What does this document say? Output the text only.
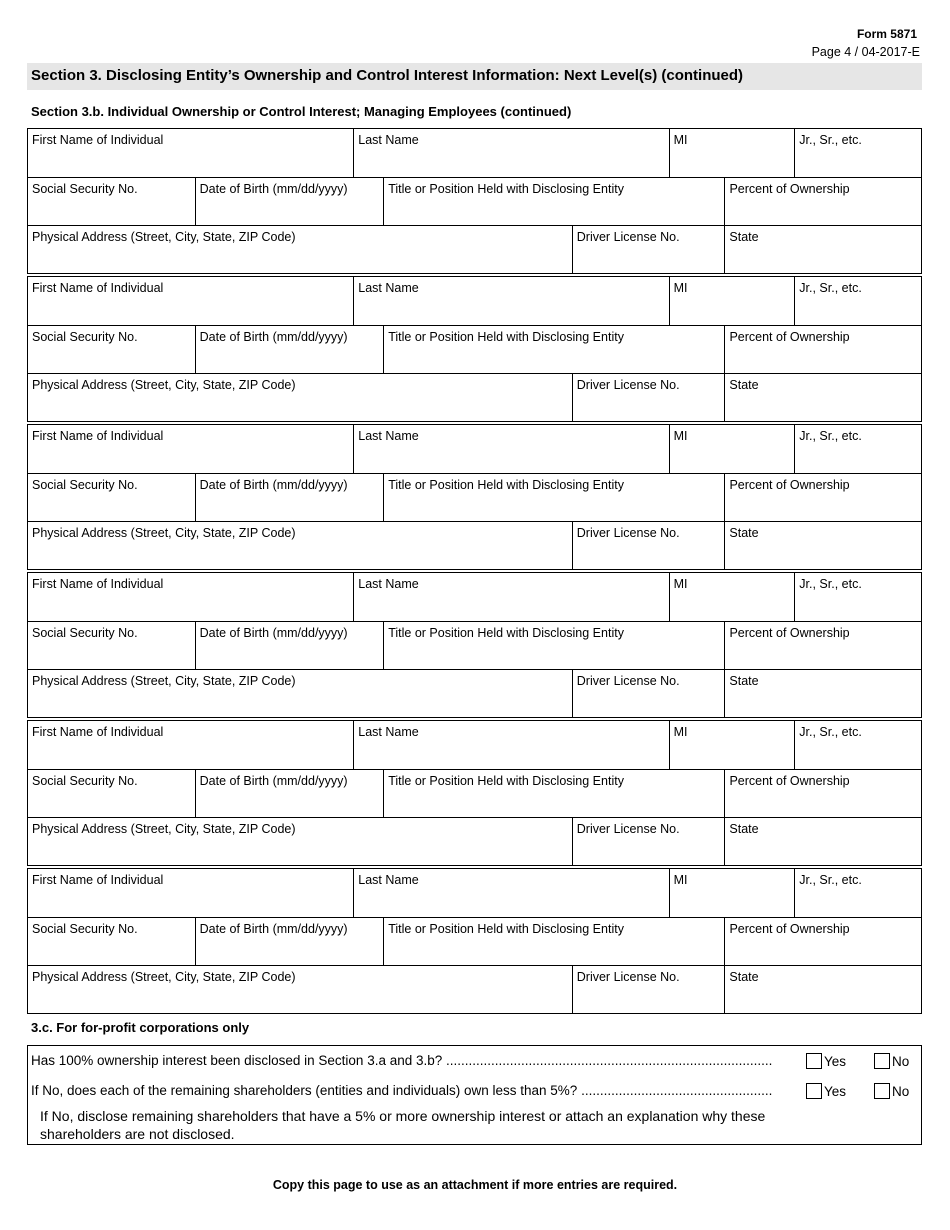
Form 5871
Page 4 / 04-2017-E
Section 3. Disclosing Entity’s Ownership and Control Interest Information: Next Level(s) (continued)
Section 3.b. Individual Ownership or Control Interest; Managing Employees (continued)
First Name of Individual	Last Name	MI	Jr., Sr., etc.
Social Security No.	Date of Birth (mm/dd/yyyy)	Title or Position Held with Disclosing Entity	Percent of Ownership
Physical Address (Street, City, State, ZIP Code)	Driver License No.	State
First Name of Individual	Last Name	MI	Jr., Sr., etc.
Social Security No.	Date of Birth (mm/dd/yyyy)	Title or Position Held with Disclosing Entity	Percent of Ownership
Physical Address (Street, City, State, ZIP Code)	Driver License No.	State
First Name of Individual	Last Name	MI	Jr., Sr., etc.
Social Security No.	Date of Birth (mm/dd/yyyy)	Title or Position Held with Disclosing Entity	Percent of Ownership
Physical Address (Street, City, State, ZIP Code)	Driver License No.	State
First Name of Individual	Last Name	MI	Jr., Sr., etc.
Social Security No.	Date of Birth (mm/dd/yyyy)	Title or Position Held with Disclosing Entity	Percent of Ownership
Physical Address (Street, City, State, ZIP Code)	Driver License No.	State
First Name of Individual	Last Name	MI	Jr., Sr., etc.
Social Security No.	Date of Birth (mm/dd/yyyy)	Title or Position Held with Disclosing Entity	Percent of Ownership
Physical Address (Street, City, State, ZIP Code)	Driver License No.	State
First Name of Individual	Last Name	MI	Jr., Sr., etc.
Social Security No.	Date of Birth (mm/dd/yyyy)	Title or Position Held with Disclosing Entity	Percent of Ownership
Physical Address (Street, City, State, ZIP Code)	Driver License No.	State
3.c. For for-profit corporations only
Has 100% ownership interest been disclosed in Section 3.a and 3.b? .......................................................................................	Yes	No
If No, does each of the remaining shareholders (entities and individuals) own less than 5%? ...................................................	Yes	No
If No, disclose remaining shareholders that have a 5% or more ownership interest or attach an explanation why these shareholders are not disclosed.
Copy this page to use as an attachment if more entries are required.
